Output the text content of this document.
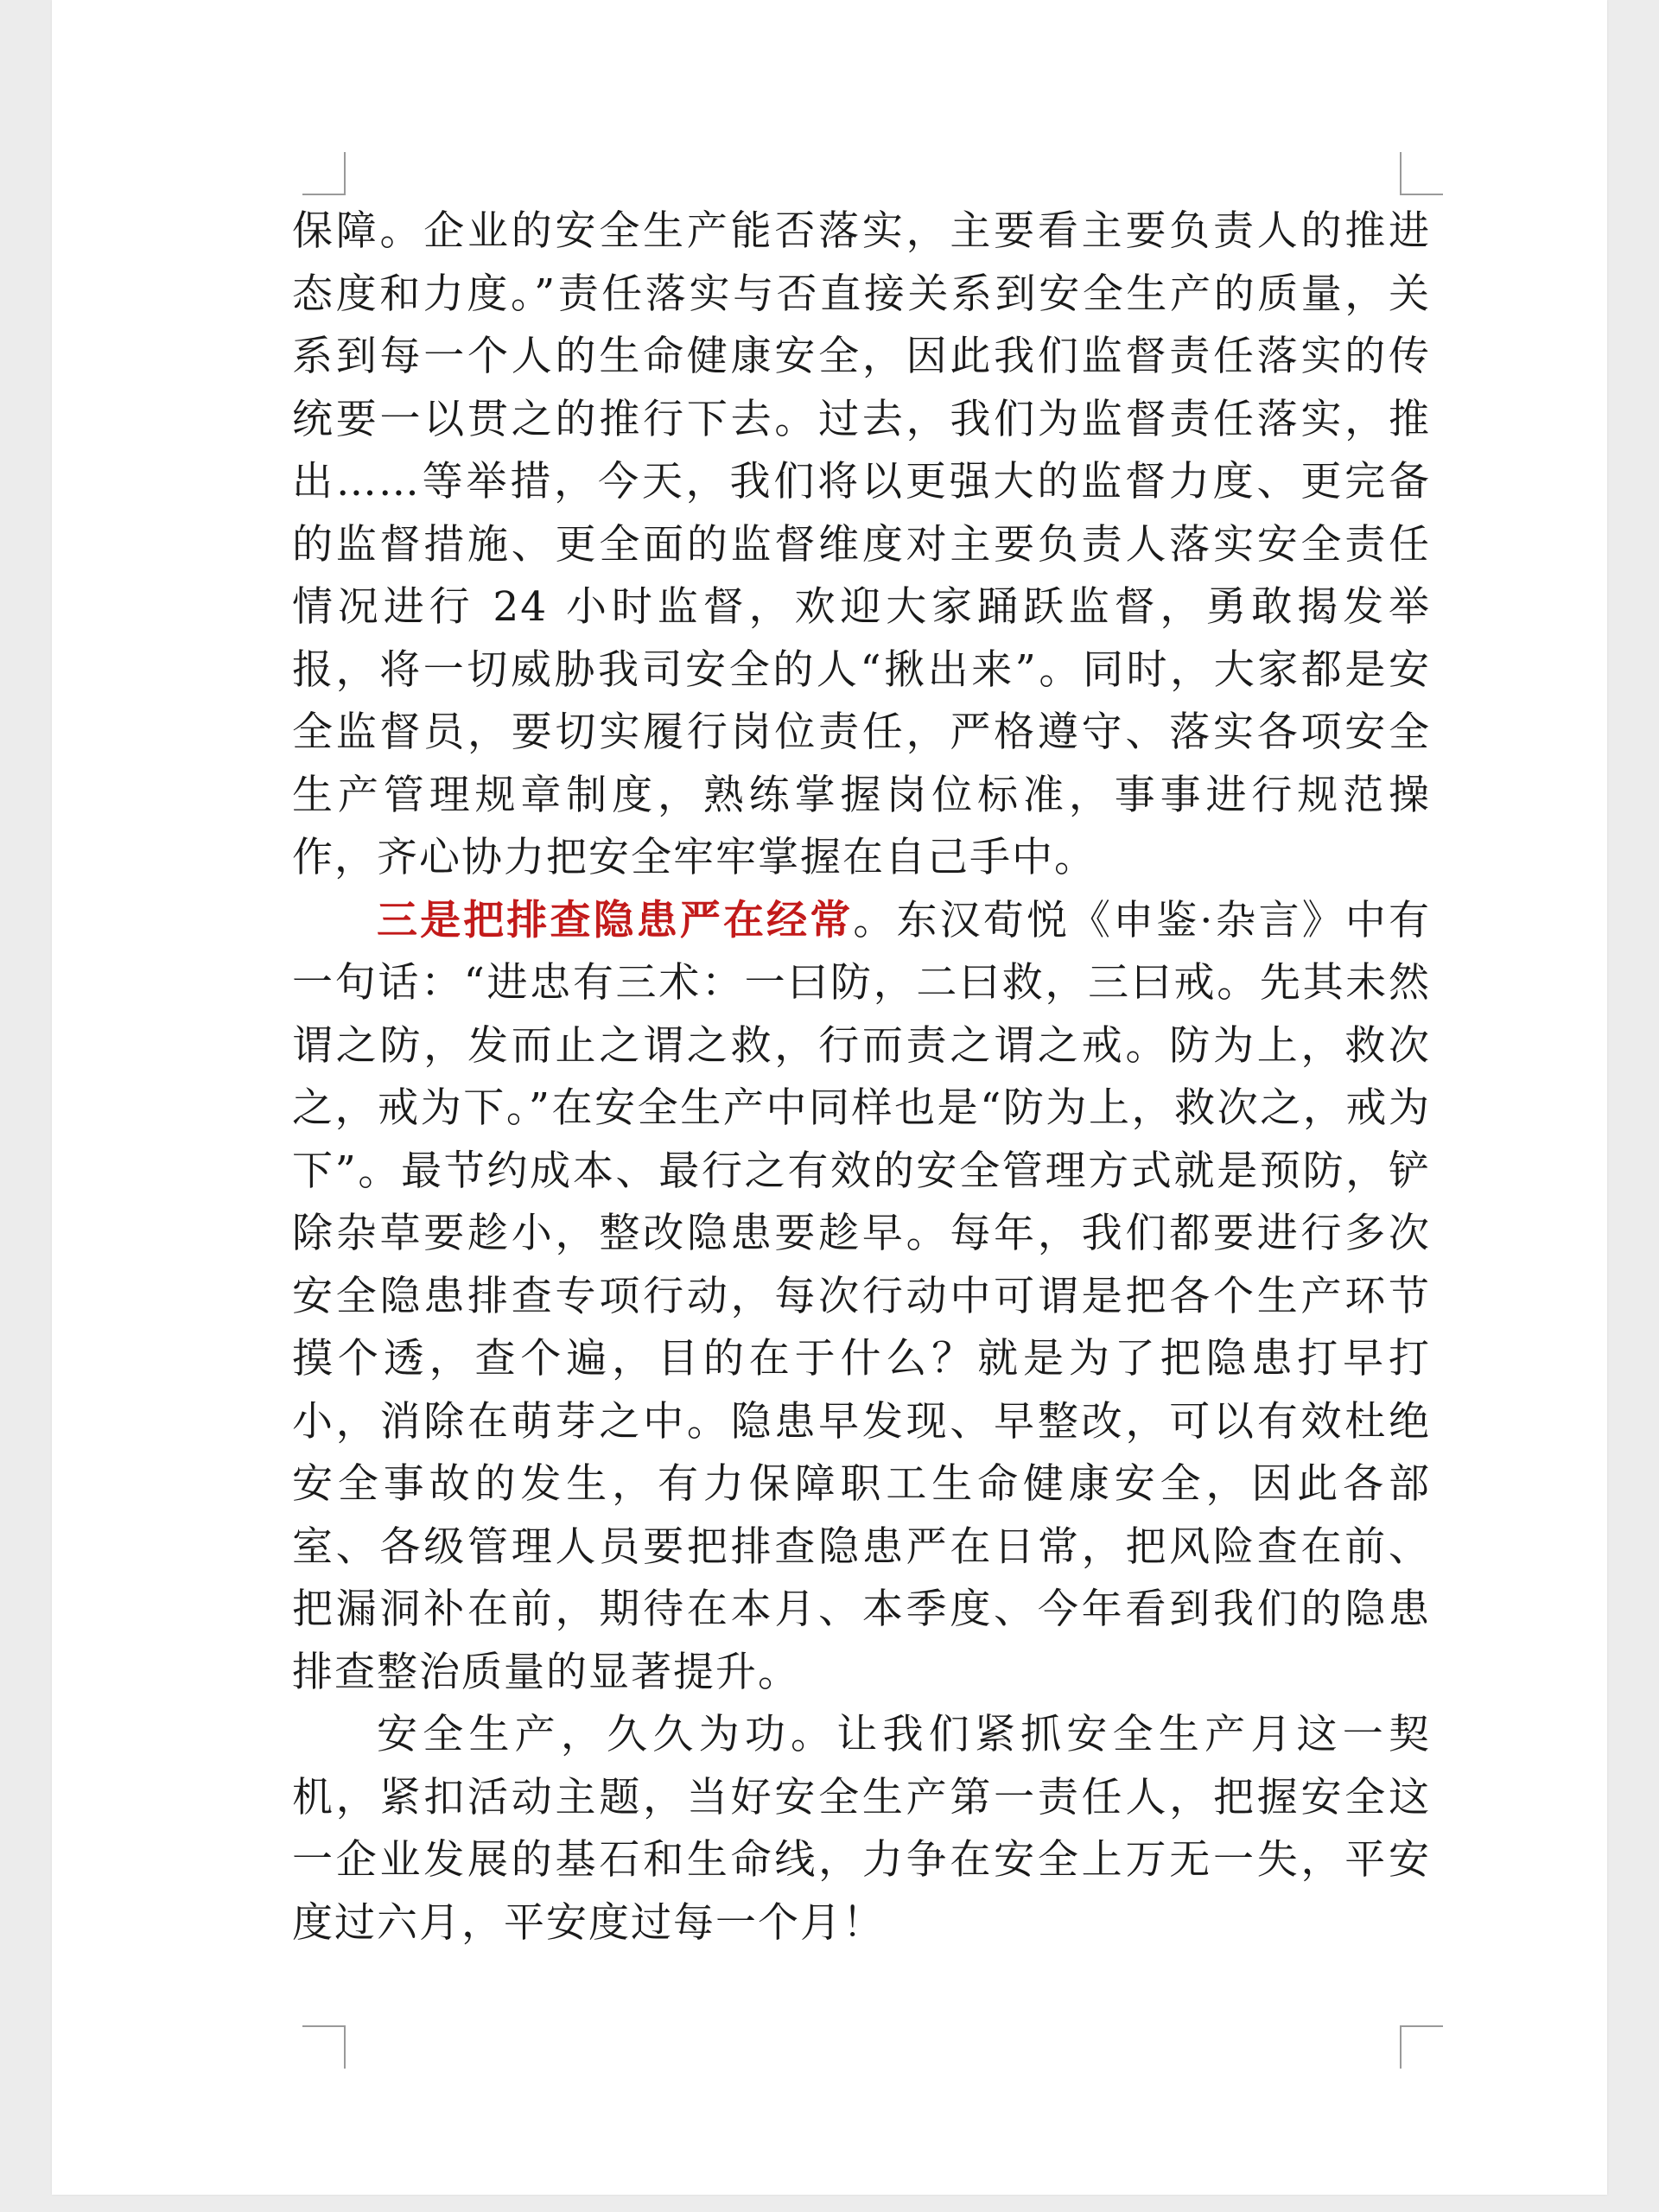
保障。企业的安全生产能否落实，主要看主要负责人的推进态度和力度。”责任落实与否直接关系到安全生产的质量，关系到每一个人的生命健康安全，因此我们监督责任落实的传统要一以贯之的推行下去。过去，我们为监督责任落实，推出……等举措，今天，我们将以更强大的监督力度、更完备的监督措施、更全面的监督维度对主要负责人落实安全责任情况进行 24 小时监督，欢迎大家踊跃监督，勇敢揭发举报，将一切威胁我司安全的人“揪出来”。同时，大家都是安全监督员，要切实履行岗位责任，严格遵守、落实各项安全生产管理规章制度，熟练掌握岗位标准，事事进行规范操作，齐心协力把安全牢牢掌握在自己手中。

三是把排查隐患严在经常。东汉荀悦《申鉴·杂言》中有一句话：“进忠有三术：一曰防，二曰救，三曰戒。先其未然谓之防，发而止之谓之救，行而责之谓之戒。防为上，救次之，戒为下。”在安全生产中同样也是“防为上，救次之，戒为下”。最节约成本、最行之有效的安全管理方式就是预防，铲除杂草要趁小，整改隐患要趁早。每年，我们都要进行多次安全隐患排查专项行动，每次行动中可谓是把各个生产环节摸个透，查个遍，目的在于什么？就是为了把隐患打早打小，消除在萌芽之中。隐患早发现、早整改，可以有效杜绝安全事故的发生，有力保障职工生命健康安全，因此各部室、各级管理人员要把排查隐患严在日常，把风险查在前、把漏洞补在前，期待在本月、本季度、今年看到我们的隐患排查整治质量的显著提升。

安全生产，久久为功。让我们紧抓安全生产月这一契机，紧扣活动主题，当好安全生产第一责任人，把握安全这一企业发展的基石和生命线，力争在安全上万无一失，平安度过六月，平安度过每一个月！
